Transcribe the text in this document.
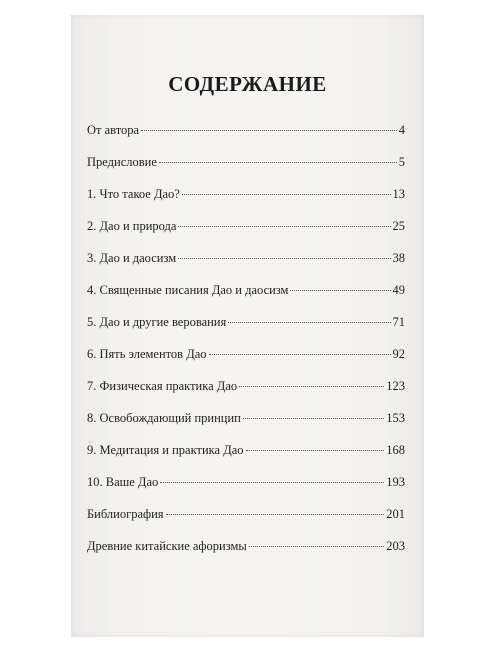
СОДЕРЖАНИЕ
От автора	4
Предисловие	5
1. Что такое Дао?	13
2. Дао и природа	25
3. Дао и даосизм	38
4. Священные писания Дао и даосизм	49
5. Дао и другие верования	71
6. Пять элементов Дао	92
7. Физическая практика Дао	123
8. Освобождающий принцип	153
9. Медитация и практика Дао	168
10. Ваше Дао	193
Библиография	201
Древние китайские афоризмы	203
